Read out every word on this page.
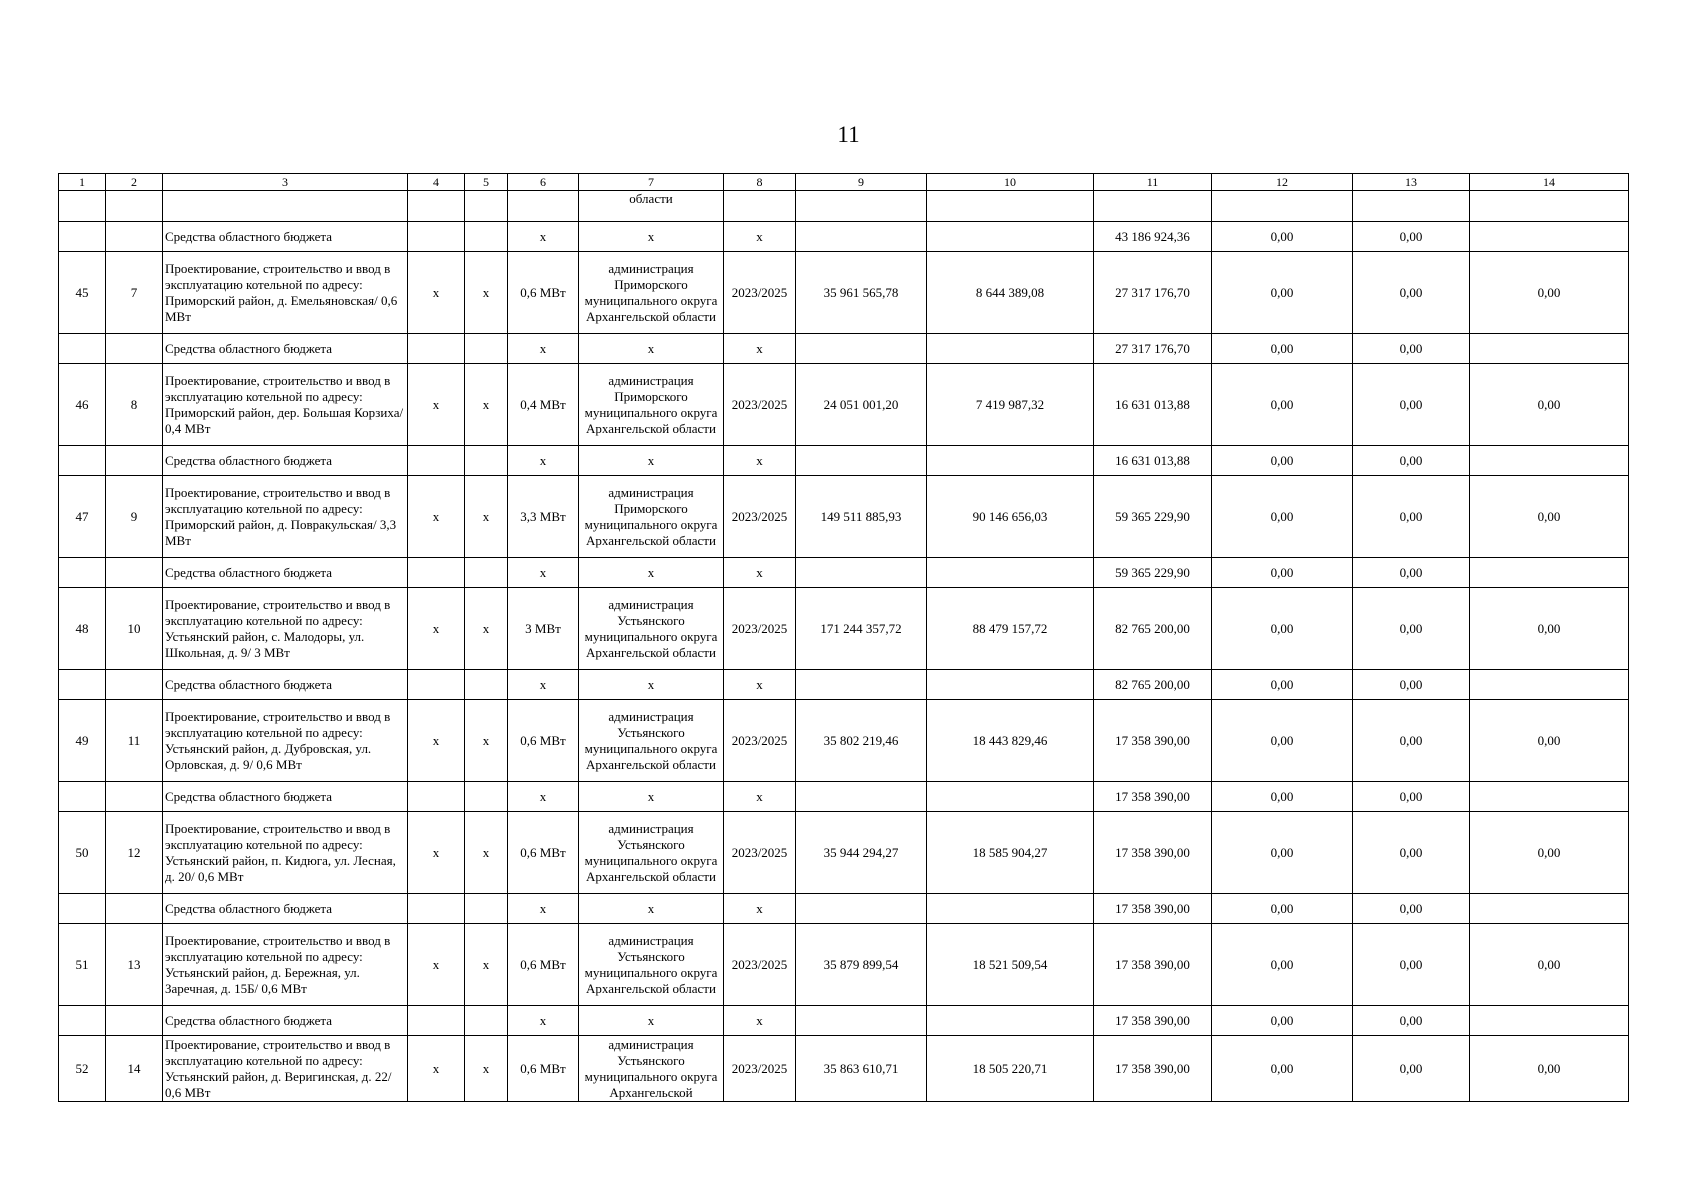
11
1	2	3	4	5	6	7	8	9	10	11	12	13	14
						области							
		Средства областного бюджета			x	x	x			43 186 924,36	0,00	0,00	
45	7	Проектирование, строительство и ввод в эксплуатацию котельной по адресу: Приморский район, д. Емельяновская/ 0,6 МВт	x	x	0,6 МВт	администрация Приморского муниципального округа Архангельской области	2023/2025	35 961 565,78	8 644 389,08	27 317 176,70	0,00	0,00	0,00
		Средства областного бюджета			x	x	x			27 317 176,70	0,00	0,00	
46	8	Проектирование, строительство и ввод в эксплуатацию котельной по адресу: Приморский район, дер. Большая Корзиха/ 0,4 МВт	x	x	0,4 МВт	администрация Приморского муниципального округа Архангельской области	2023/2025	24 051 001,20	7 419 987,32	16 631 013,88	0,00	0,00	0,00
		Средства областного бюджета			x	x	x			16 631 013,88	0,00	0,00	
47	9	Проектирование, строительство и ввод в эксплуатацию котельной по адресу: Приморский район, д. Повракульская/ 3,3 МВт	x	x	3,3 МВт	администрация Приморского муниципального округа Архангельской области	2023/2025	149 511 885,93	90 146 656,03	59 365 229,90	0,00	0,00	0,00
		Средства областного бюджета			x	x	x			59 365 229,90	0,00	0,00	
48	10	Проектирование, строительство и ввод в эксплуатацию котельной по адресу: Устьянский район, с. Малодоры, ул. Школьная, д. 9/ 3 МВт	x	x	3 МВт	администрация Устьянского муниципального округа Архангельской области	2023/2025	171 244 357,72	88 479 157,72	82 765 200,00	0,00	0,00	0,00
		Средства областного бюджета			x	x	x			82 765 200,00	0,00	0,00	
49	11	Проектирование, строительство и ввод в эксплуатацию котельной по адресу: Устьянский район, д. Дубровская, ул. Орловская, д. 9/ 0,6 МВт	x	x	0,6 МВт	администрация Устьянского муниципального округа Архангельской области	2023/2025	35 802 219,46	18 443 829,46	17 358 390,00	0,00	0,00	0,00
		Средства областного бюджета			x	x	x			17 358 390,00	0,00	0,00	
50	12	Проектирование, строительство и ввод в эксплуатацию котельной по адресу: Устьянский район, п. Кидюга, ул. Лесная, д. 20/ 0,6 МВт	x	x	0,6 МВт	администрация Устьянского муниципального округа Архангельской области	2023/2025	35 944 294,27	18 585 904,27	17 358 390,00	0,00	0,00	0,00
		Средства областного бюджета			x	x	x			17 358 390,00	0,00	0,00	
51	13	Проектирование, строительство и ввод в эксплуатацию котельной по адресу: Устьянский район, д. Бережная, ул. Заречная, д. 15Б/ 0,6 МВт	x	x	0,6 МВт	администрация Устьянского муниципального округа Архангельской области	2023/2025	35 879 899,54	18 521 509,54	17 358 390,00	0,00	0,00	0,00
		Средства областного бюджета			x	x	x			17 358 390,00	0,00	0,00	
52	14	Проектирование, строительство и ввод в эксплуатацию котельной по адресу: Устьянский район, д. Веригинская, д. 22/ 0,6 МВт	x	x	0,6 МВт	администрация Устьянского муниципального округа Архангельской	2023/2025	35 863 610,71	18 505 220,71	17 358 390,00	0,00	0,00	0,00
